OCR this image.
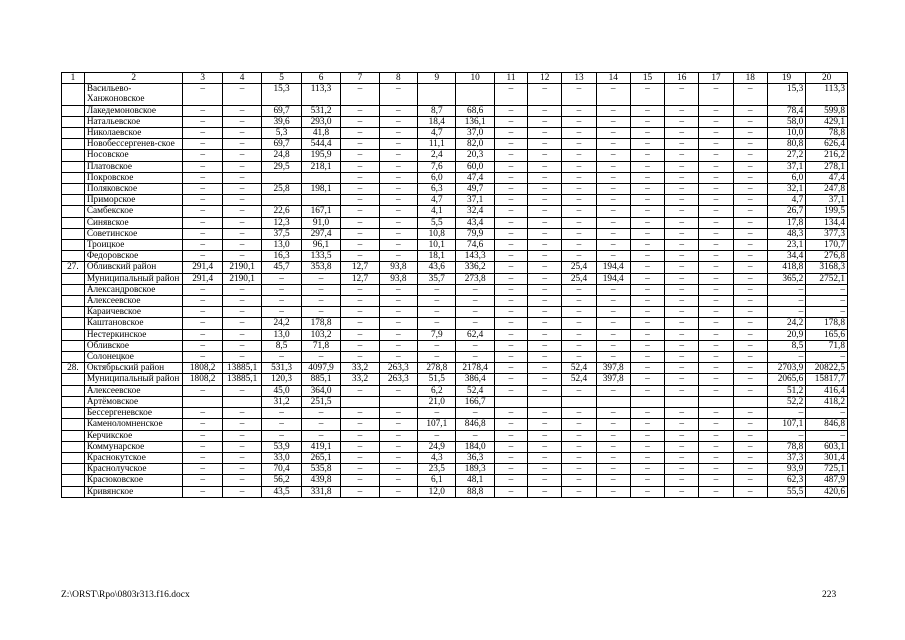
1	2	3	4	5	6	7	8	9	10	11	12	13	14	15	16	17	18	19	20
	Васильево-Ханжоновское	–	–	15,3	113,3	–	–			–	–	–	–	–	–	–	–	15,3	113,3
	Лакедемоновское	–	–	69,7	531,2	–	–	8,7	68,6	–	–	–	–	–	–	–	–	78,4	599,8
	Натальевское	–	–	39,6	293,0	–	–	18,4	136,1	–	–	–	–	–	–	–	–	58,0	429,1
	Николаевское	–	–	5,3	41,8	–	–	4,7	37,0	–	–	–	–	–	–	–	–	10,0	78,8
	Новобессергенев-ское	–	–	69,7	544,4	–	–	11,1	82,0	–	–	–	–	–	–	–	–	80,8	626,4
	Носовское	–	–	24,8	195,9	–	–	2,4	20,3	–	–	–	–	–	–	–	–	27,2	216,2
	Платовское	–	–	29,5	218,1	–	–	7,6	60,0	–	–	–	–	–	–	–	–	37,1	278,1
	Покровское	–	–			–	–	6,0	47,4	–	–	–	–	–	–	–	–	6,0	47,4
	Поляковское	–	–	25,8	198,1	–	–	6,3	49,7	–	–	–	–	–	–	–	–	32,1	247,8
	Приморское	–	–			–	–	4,7	37,1	–	–	–	–	–	–	–	–	4,7	37,1
	Самбекское	–	–	22,6	167,1	–	–	4,1	32,4	–	–	–	–	–	–	–	–	26,7	199,5
	Синявское	–	–	12,3	91,0	–	–	5,5	43,4	–	–	–	–	–	–	–	–	17,8	134,4
	Советинское	–	–	37,5	297,4	–	–	10,8	79,9	–	–	–	–	–	–	–	–	48,3	377,3
	Троицкое	–	–	13,0	96,1	–	–	10,1	74,6	–	–	–	–	–	–	–	–	23,1	170,7
	Федоровское	–	–	16,3	133,5	–	–	18,1	143,3	–	–	–	–	–	–	–	–	34,4	276,8
27.	Обливский район	291,4	2190,1	45,7	353,8	12,7	93,8	43,6	336,2	–	–	25,4	194,4	–	–	–	–	418,8	3168,3
	Муниципальный район	291,4	2190,1	–	–	12,7	93,8	35,7	273,8	–	–	25,4	194,4	–	–	–	–	365,2	2752,1
	Александровское	–	–	–	–	–	–	–	–	–	–	–	–	–	–	–	–	–	–
	Алексеевское	–	–	–	–	–	–	–	–	–	–	–	–	–	–	–	–	–	–
	Караичевское	–	–	–	–	–	–	–	–	–	–	–	–	–	–	–	–	–	–
	Каштановское	–	–	24,2	178,8	–	–	–	–	–	–	–	–	–	–	–	–	24,2	178,8
	Нестеркинское	–	–	13,0	103,2	–	–	7,9	62,4	–	–	–	–	–	–	–	–	20,9	165,6
	Обливское	–	–	8,5	71,8	–	–	–	–	–	–	–	–	–	–	–	–	8,5	71,8
	Солонецкое	–	–	–	–	–	–	–	–	–	–	–	–	–	–	–	–	–	–
28.	Октябрьский район	1808,2	13885,1	531,3	4097,9	33,2	263,3	278,8	2178,4	–	–	52,4	397,8	–	–	–	–	2703,9	20822,5
	Муниципальный район	1808,2	13885,1	120,3	885,1	33,2	263,3	51,5	386,4	–	–	52,4	397,8	–	–	–	–	2065,6	15817,7
	Алексеевское	–	–	45,0	364,0	–	–	6,2	52,4	–	–	–	–	–	–	–	–	51,2	416,4
	Артёмовское			31,2	251,5			21,0	166,7									52,2	418,2
	Бессергеневское	–	–	–	–	–	–	–	–	–	–	–	–	–	–	–	–	–	–
	Каменоломненское	–	–	–	–	–	–	107,1	846,8	–	–	–	–	–	–	–	–	107,1	846,8
	Керчикское	–	–	–	–	–	–	–	–	–	–	–	–	–	–	–	–	–	–
	Коммунарское	–	–	53,9	419,1	–	–	24,9	184,0	–	–	–	–	–	–	–	–	78,8	603,1
	Краснокутское	–	–	33,0	265,1	–	–	4,3	36,3	–	–	–	–	–	–	–	–	37,3	301,4
	Краснолучское	–	–	70,4	535,8	–	–	23,5	189,3	–	–	–	–	–	–	–	–	93,9	725,1
	Красюковское	–	–	56,2	439,8	–	–	6,1	48,1	–	–	–	–	–	–	–	–	62,3	487,9
	Кривянское	–	–	43,5	331,8	–	–	12,0	88,8	–	–	–	–	–	–	–	–	55,5	420,6
Z:\ORST\Rpo\0803r313.f16.docx	223
